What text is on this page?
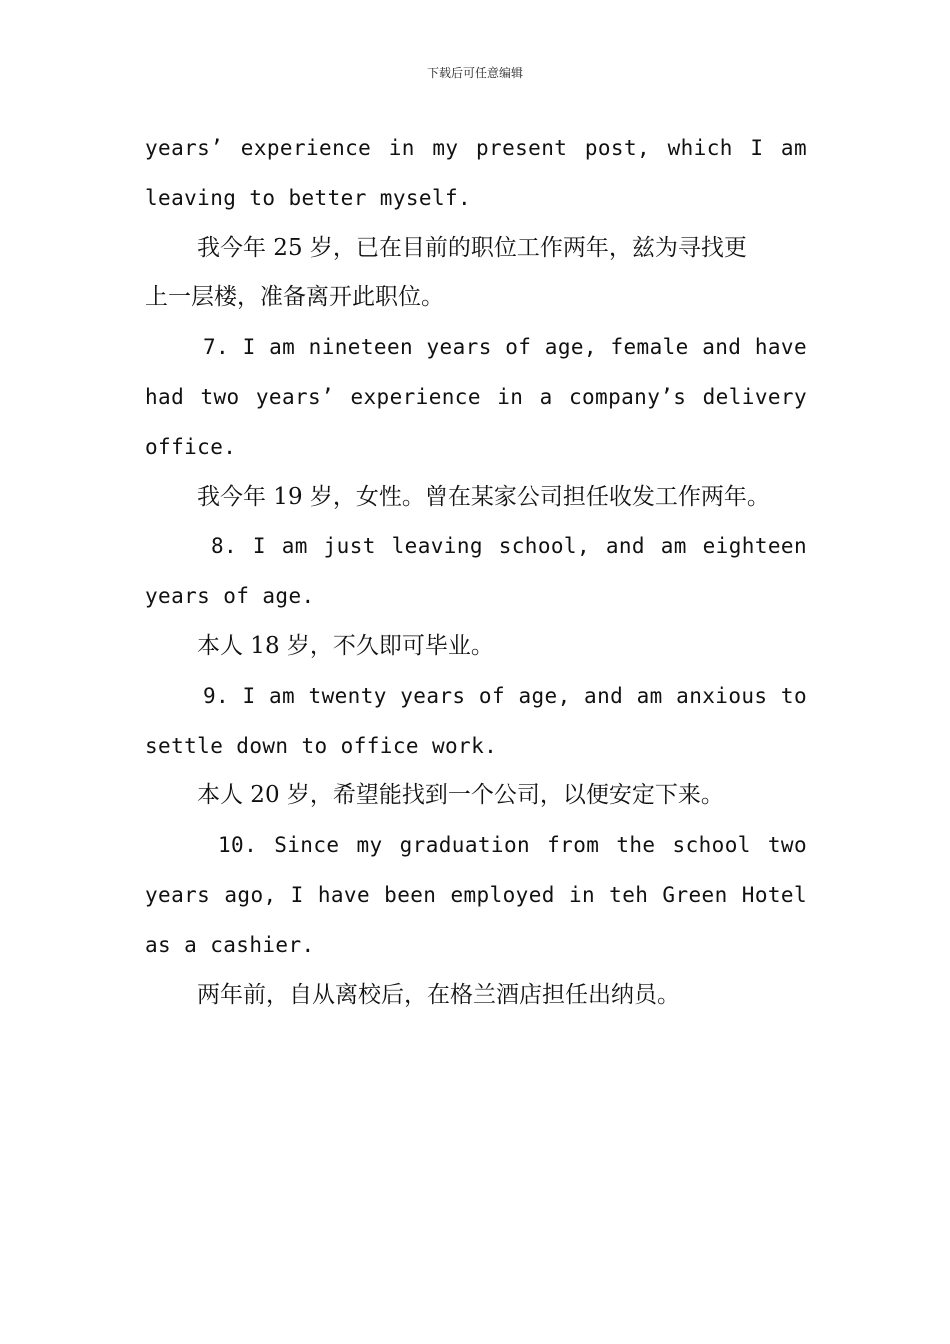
下载后可任意编辑
years’ experience in my present post, which I am
leaving to better myself.
我今年 25 岁，已在目前的职位工作两年，兹为寻找更
上一层楼，准备离开此职位。
7. I am nineteen years of age, female and have
had two years’ experience in a company’s delivery
office.
我今年 19 岁，女性。曾在某家公司担任收发工作两年。
8. I am just leaving school, and am eighteen
years of age.
本人 18 岁，不久即可毕业。
9. I am twenty years of age, and am anxious to
settle down to office work.
本人 20 岁，希望能找到一个公司，以便安定下来。
10. Since my graduation from the school two
years ago, I have been employed in teh Green Hotel
as a cashier.
两年前，自从离校后，在格兰酒店担任出纳员。
